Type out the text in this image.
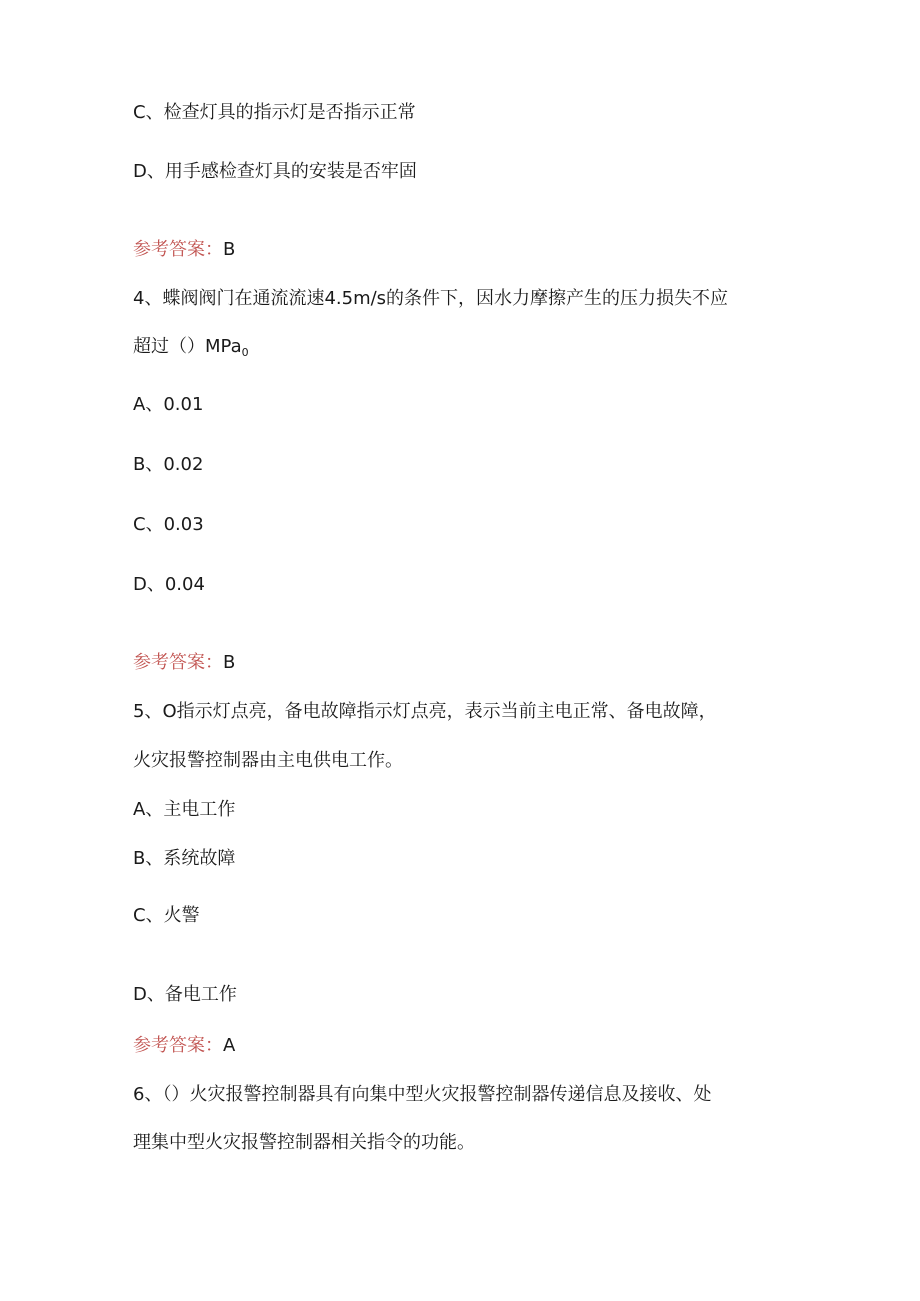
C、检查灯具的指示灯是否指示正常
D、用手感检查灯具的安装是否牢固
参考答案：B
4、蝶阀阀门在通流流速4.5m∕s的条件下，因水力摩擦产生的压力损失不应
超过（）MPa$_0$
A、0.01
B、0.02
C、0.03
D、0.04
参考答案：B
5、O指示灯点亮，备电故障指示灯点亮，表示当前主电正常、备电故障，
火灾报警控制器由主电供电工作。
A、主电工作
B、系统故障
C、火警
D、备电工作
参考答案：A
6、（）火灾报警控制器具有向集中型火灾报警控制器传递信息及接收、处
理集中型火灾报警控制器相关指令的功能。
